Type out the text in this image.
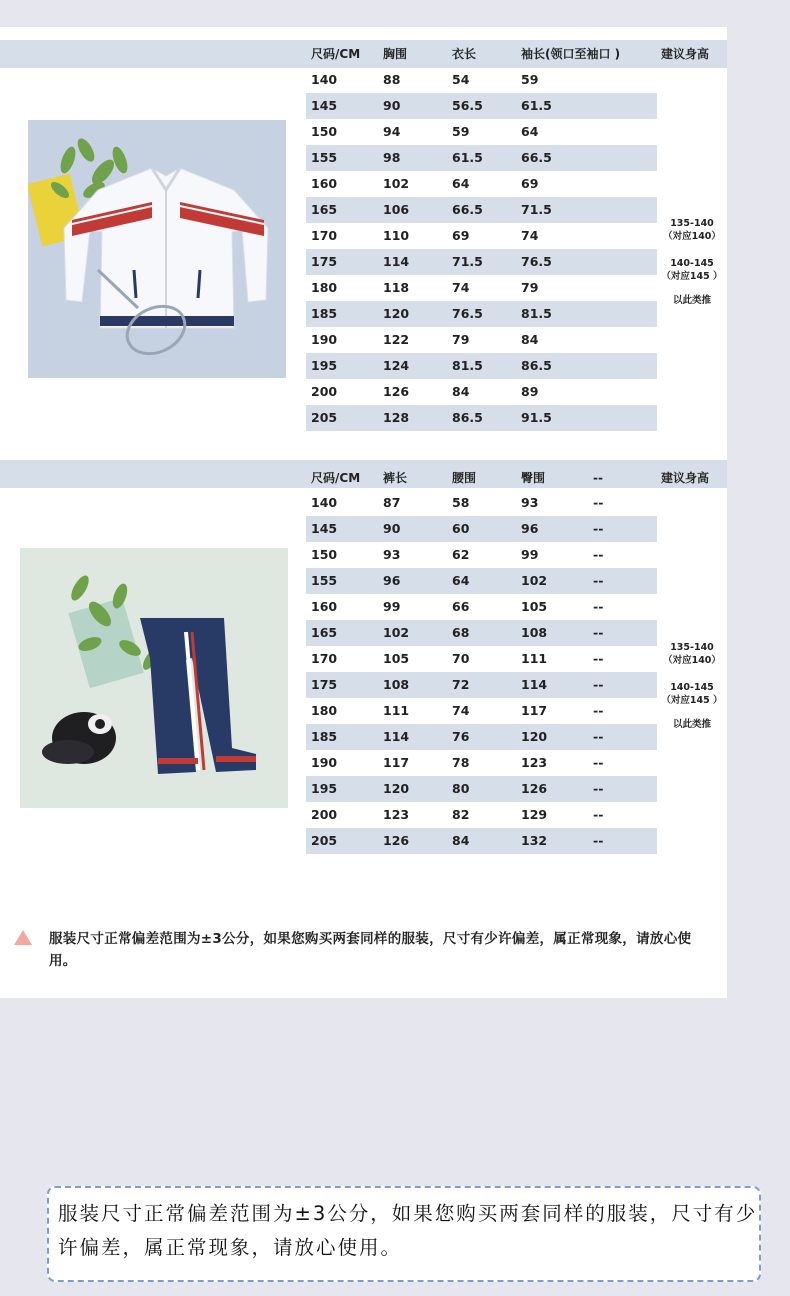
尺码/CM 胸围	衣长	袖长(领口至袖口 )	建议身高
140	88	54	59
145	90	56.5	61.5
150	94	59	64
155	98	61.5	66.5
160	102	64	69
165	106	66.5	71.5
170	110	69	74
175	114	71.5	76.5
180	118	74	79
185	120	76.5	81.5
190	122	79	84
195	124	81.5	86.5
200	126	84	89
205	128	86.5	91.5
135-140
（对应140）
140-145
（对应145 ）
以此类推
尺码/CM 裤长	腰围	臀围	--	建议身高
140	87	58	93	--
145	90	60	96	--
150	93	62	99	--
155	96	64	102	--
160	99	66	105	--
165	102	68	108	--
170	105	70	111	--
175	108	72	114	--
180	111	74	117	--
185	114	76	120	--
190	117	78	123	--
195	120	80	126	--
200	123	82	129	--
205	126	84	132	--
135-140
（对应140）
140-145
（对应145 ）
以此类推
服装尺寸正常偏差范围为±3公分，如果您购买两套同样的服装，尺寸有少许偏差，属正常现象，请放心使用。
服装尺寸正常偏差范围为±3公分，如果您购买两套同样的服装，尺寸有少许偏差，属正常现象，请放心使用。
